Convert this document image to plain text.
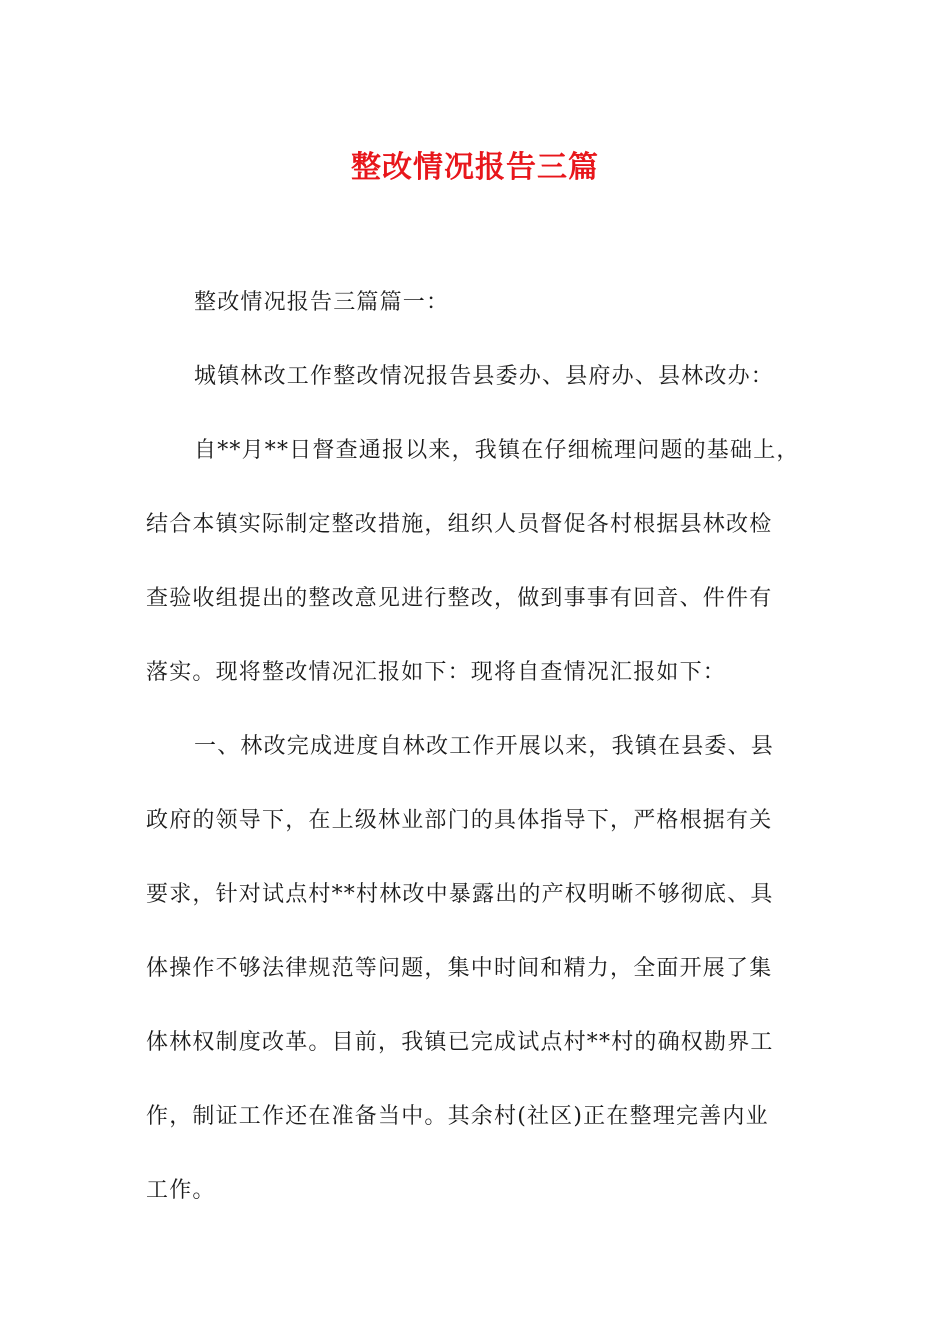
整改情况报告三篇

整改情况报告三篇篇一：

城镇林改工作整改情况报告县委办、县府办、县林改办：

自**月**日督查通报以来，我镇在仔细梳理问题的基础上，
结合本镇实际制定整改措施，组织人员督促各村根据县林改检
查验收组提出的整改意见进行整改，做到事事有回音、件件有
落实。现将整改情况汇报如下：现将自查情况汇报如下：

一、林改完成进度自林改工作开展以来，我镇在县委、县
政府的领导下，在上级林业部门的具体指导下，严格根据有关
要求，针对试点村**村林改中暴露出的产权明晰不够彻底、具
体操作不够法律规范等问题，集中时间和精力，全面开展了集
体林权制度改革。目前，我镇已完成试点村**村的确权勘界工
作，制证工作还在准备当中。其余村(社区)正在整理完善内业
工作。
